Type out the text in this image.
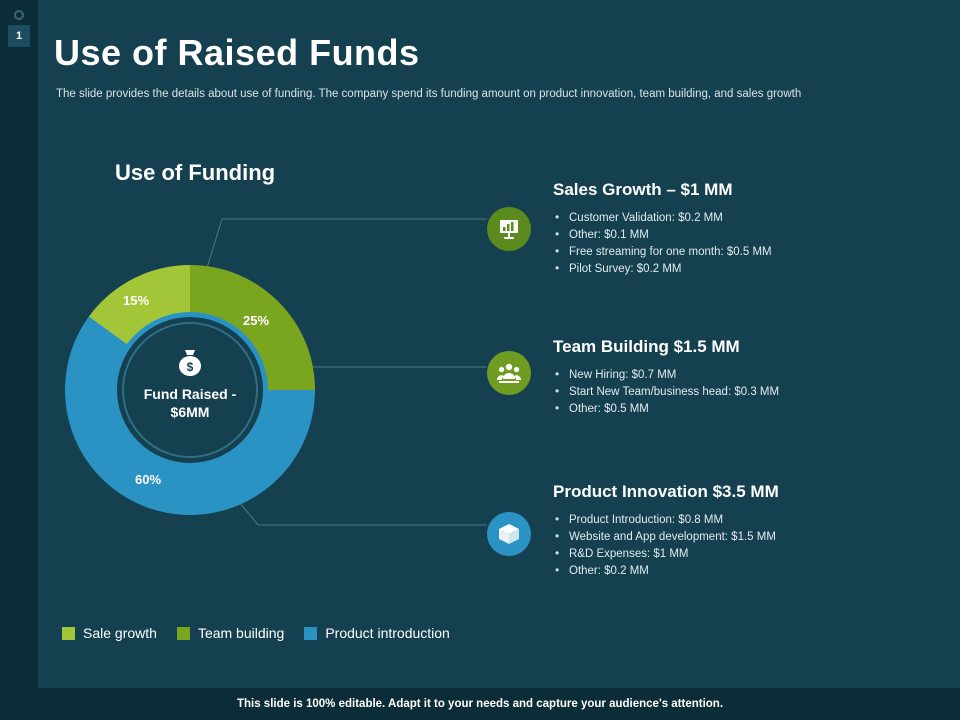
1 Use of Raised Funds
The slide provides the details about use of funding. The company spend its funding amount on product innovation, team building, and sales growth
Use of Funding
$
Fund Raised -
$6MM
15%
25%
60%
Sales Growth – $1 MM
• Customer Validation: $0.2 MM
• Other: $0.1 MM
• Free streaming for one month: $0.5 MM
• Pilot Survey: $0.2 MM
Team Building $1.5 MM
• New Hiring: $0.7 MM
• Start New Team/business head: $0.3 MM
• Other: $0.5 MM
Product Innovation $3.5 MM
• Product Introduction: $0.8 MM
• Website and App development: $1.5 MM
• R&D Expenses: $1 MM
• Other: $0.2 MM
Sale growth	Team building	Product introduction
This slide is 100% editable. Adapt it to your needs and capture your audience's attention.
